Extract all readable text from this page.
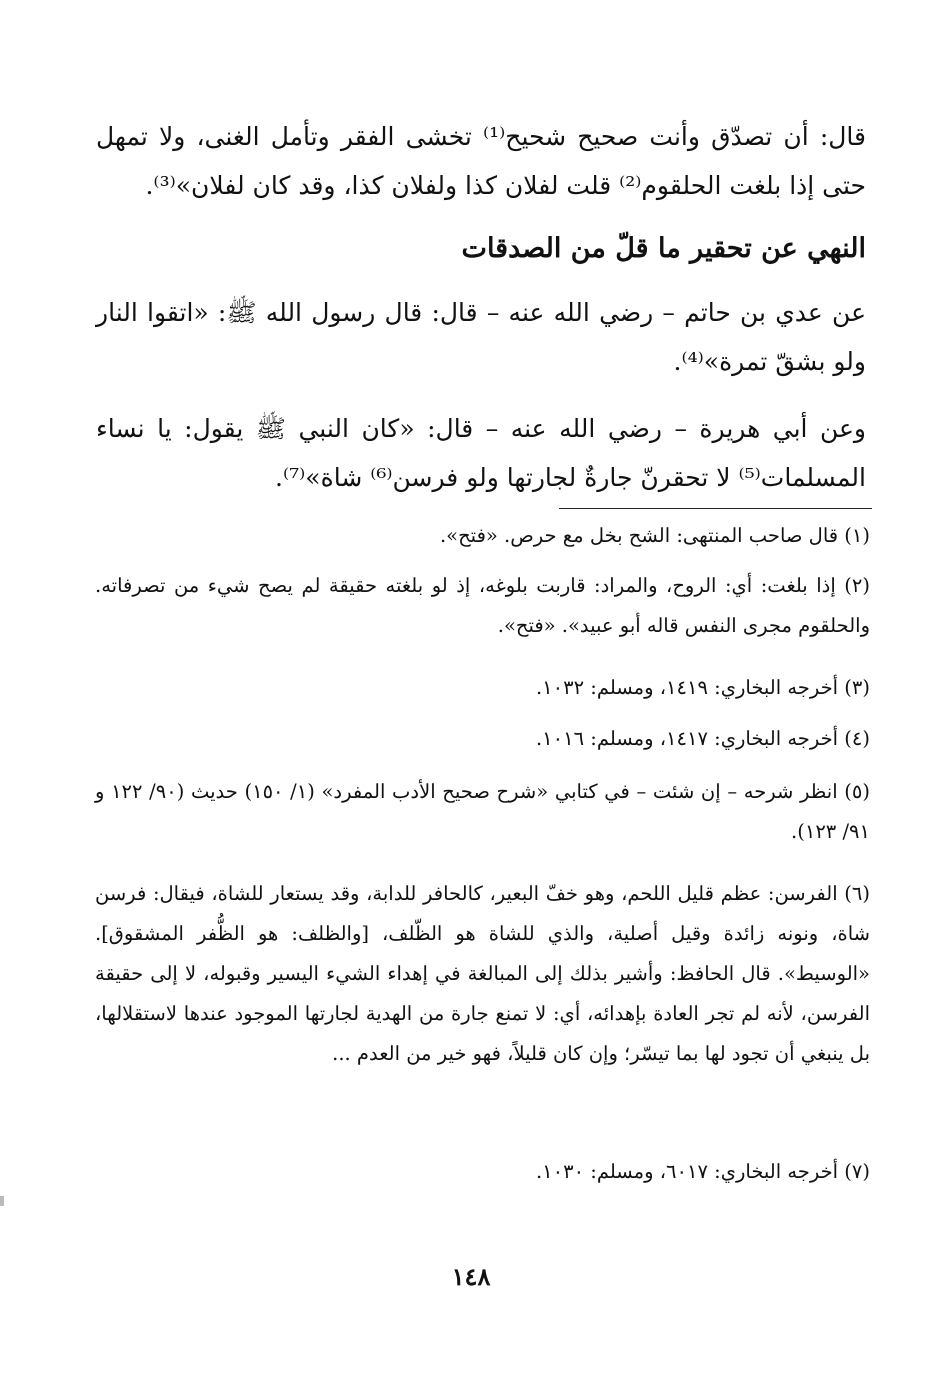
قال: أن تصدّق وأنت صحيح شحيح⁽¹⁾ تخشى الفقر وتأمل الغنى، ولا تمهل حتى إذا بلغت الحلقوم⁽²⁾ قلت لفلان كذا ولفلان كذا، وقد كان لفلان»⁽³⁾.
النهي عن تحقير ما قلّ من الصدقات
عن عدي بن حاتم – رضي الله عنه – قال: قال رسول الله ﷺ: «اتقوا النار ولو بشقّ تمرة»⁽⁴⁾.
وعن أبي هريرة – رضي الله عنه – قال: «كان النبي ﷺ يقول: يا نساء المسلمات⁽⁵⁾ لا تحقرنّ جارةٌ لجارتها ولو فرسن⁽⁶⁾ شاة»⁽⁷⁾.
(١) قال صاحب المنتهى: الشح بخل مع حرص. «فتح».
(٢) إذا بلغت: أي: الروح، والمراد: قاربت بلوغه، إذ لو بلغته حقيقة لم يصح شيء من تصرفاته. والحلقوم مجرى النفس قاله أبو عبيد». «فتح».
(٣) أخرجه البخاري: ١٤١٩، ومسلم: ١٠٣٢.
(٤) أخرجه البخاري: ١٤١٧، ومسلم: ١٠١٦.
(٥) انظر شرحه – إن شئت – في كتابي «شرح صحيح الأدب المفرد» (١/ ١٥٠) حديث (٩٠/ ١٢٢ و ٩١/ ١٢٣).
(٦) الفرسن: عظم قليل اللحم، وهو خفّ البعير، كالحافر للدابة، وقد يستعار للشاة، فيقال: فرسن شاة، ونونه زائدة وقيل أصلية، والذي للشاة هو الظّلف، [والظلف: هو الظُّفر المشقوق]. «الوسيط». قال الحافظ: وأشير بذلك إلى المبالغة في إهداء الشيء اليسير وقبوله، لا إلى حقيقة الفرسن، لأنه لم تجر العادة بإهدائه، أي: لا تمنع جارة من الهدية لجارتها الموجود عندها لاستقلالها، بل ينبغي أن تجود لها بما تيسّر؛ وإن كان قليلاً، فهو خير من العدم ...
(٧) أخرجه البخاري: ٦٠١٧، ومسلم: ١٠٣٠.
١٤٨
